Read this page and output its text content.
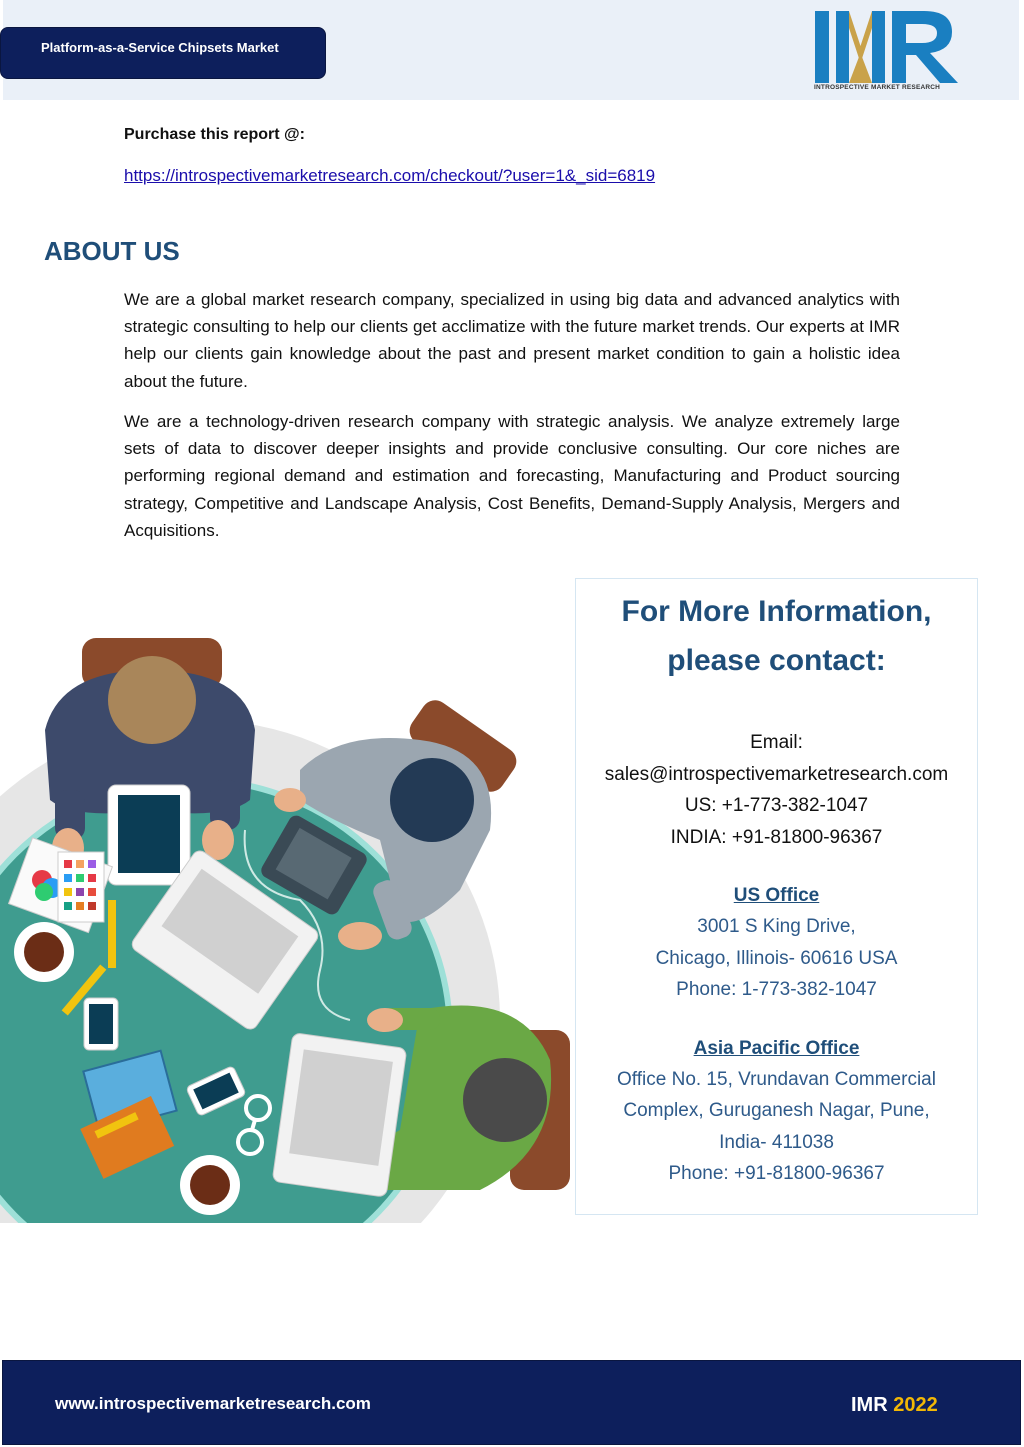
Platform-as-a-Service Chipsets Market
INTROSPECTIVE MARKET RESEARCH
Purchase this report @:
https://introspectivemarketresearch.com/checkout/?user=1&_sid=6819
ABOUT US

We are a global market research company, specialized in using big data and advanced analytics with strategic consulting to help our clients get acclimatize with the future market trends. Our experts at IMR help our clients gain knowledge about the past and present market condition to gain a holistic idea about the future.

We are a technology-driven research company with strategic analysis. We analyze extremely large sets of data to discover deeper insights and provide conclusive consulting. Our core niches are performing regional demand and estimation and forecasting, Manufacturing and Product sourcing strategy, Competitive and Landscape Analysis, Cost Benefits, Demand-Supply Analysis, Mergers and Acquisitions.

For More Information,
please contact:
Email:
sales@introspectivemarketresearch.com
US: +1-773-382-1047
INDIA: +91-81800-96367
US Office
3001 S King Drive,
Chicago, Illinois- 60616 USA
Phone: 1-773-382-1047
Asia Pacific Office
Office No. 15, Vrundavan Commercial
Complex, Guruganesh Nagar, Pune,
India- 411038
Phone: +91-81800-96367
www.introspectivemarketresearch.com	IMR 2022
